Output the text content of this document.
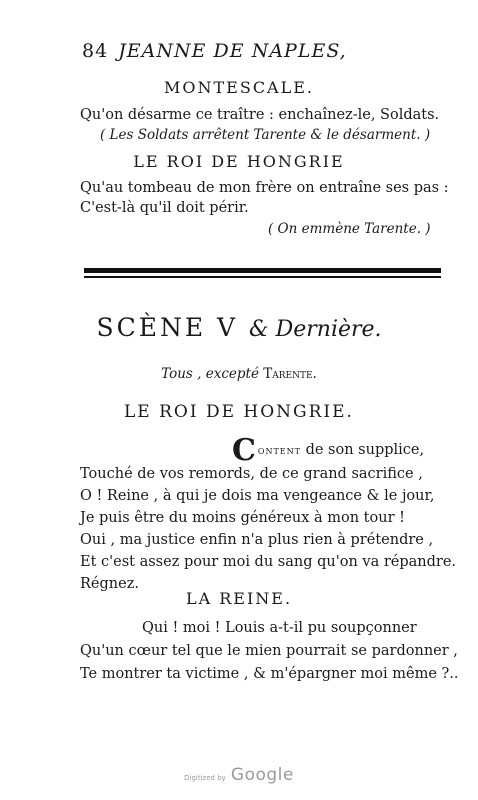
84 JEANNE DE NAPLES,
MONTESCALE.
Qu'on désarme ce traître : enchaînez-le, Soldats.
( Les Soldats arrêtent Tarente & le désarment. )
LE ROI DE HONGRIE
Qu'au tombeau de mon frère on entraîne ses pas :
C'est-là qu'il doit périr.
( On emmène Tarente. )
SCÈNE V & Dernière.
Tous , excepté Tarente.
LE ROI DE HONGRIE.
Content de son supplice,
Touché de vos remords, de ce grand sacrifice ,
O ! Reine , à qui je dois ma vengeance & le jour,
Je puis être du moins généreux à mon tour !
Oui , ma justice enfin n'a plus rien à prétendre ,
Et c'est assez pour moi du sang qu'on va répandre.
Régnez.
LA REINE.
Qui ! moi ! Louis a-t-il pu soupçonner
Qu'un cœur tel que le mien pourrait se pardonner ,
Te montrer ta victime , & m'épargner moi même ?..
Digitized by Google
